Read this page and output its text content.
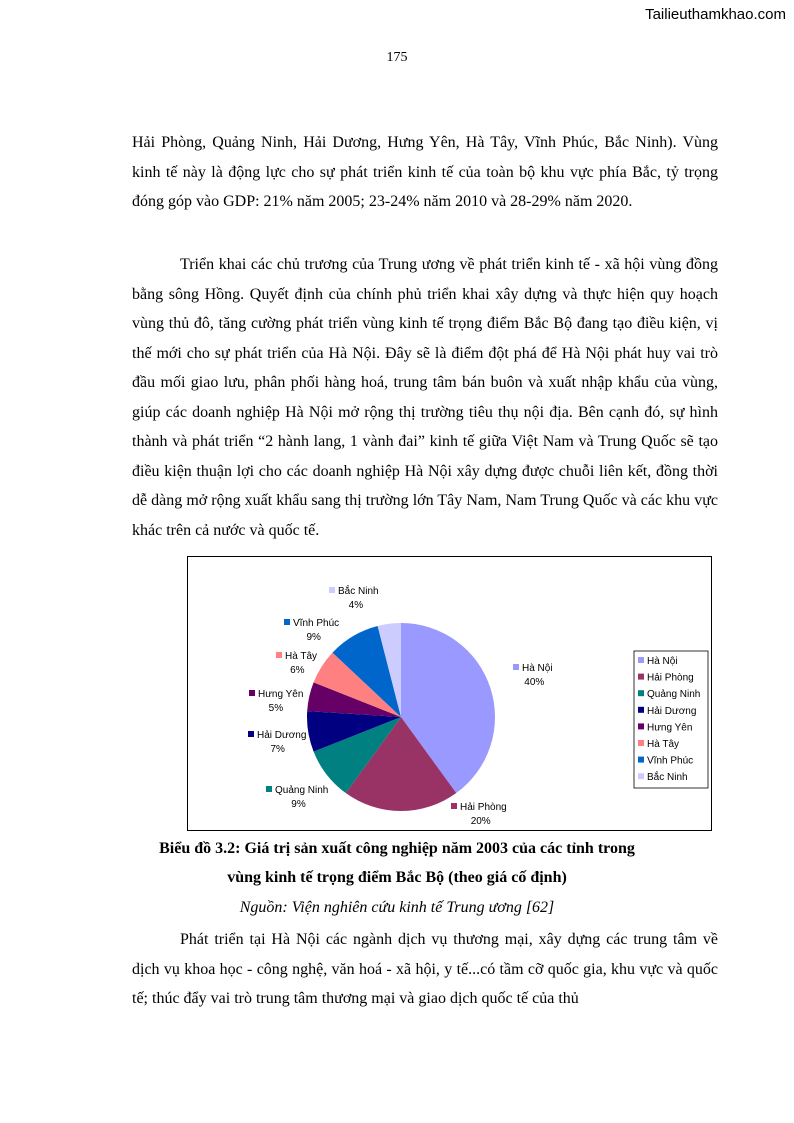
Tailieuthamkhao.com
175

Hải Phòng, Quảng Ninh, Hải Dương, Hưng Yên, Hà Tây, Vĩnh Phúc, Bắc Ninh). Vùng kinh tế này là động lực cho sự phát triển kinh tế của toàn bộ khu vực phía Bắc, tỷ trọng đóng góp vào GDP: 21% năm 2005; 23-24% năm 2010 và 28-29% năm 2020.

Triển khai các chủ trương của Trung ương về phát triển kinh tế - xã hội vùng đồng bằng sông Hồng. Quyết định của chính phủ triển khai xây dựng và thực hiện quy hoạch vùng thủ đô, tăng cường phát triển vùng kinh tế trọng điểm Bắc Bộ đang tạo điều kiện, vị thế mới cho sự phát triển của Hà Nội. Đây sẽ là điểm đột phá để Hà Nội phát huy vai trò đầu mối giao lưu, phân phối hàng hoá, trung tâm bán buôn và xuất nhập khẩu của vùng, giúp các doanh nghiệp Hà Nội mở rộng thị trường tiêu thụ nội địa. Bên cạnh đó, sự hình thành và phát triển “2 hành lang, 1 vành đai” kinh tế giữa Việt Nam và Trung Quốc sẽ tạo điều kiện thuận lợi cho các doanh nghiệp Hà Nội xây dựng được chuỗi liên kết, đồng thời dễ dàng mở rộng xuất khẩu sang thị trường lớn Tây Nam, Nam Trung Quốc và các khu vực khác trên cả nước và quốc tế.

Hà Nội
40%
Hải Phòng
20%
Quảng Ninh
9%
Hải Dương
7%
Hưng Yên
5%
Hà Tây
6%
Vĩnh Phúc
9%
Bắc Ninh
4%
Hà Nội
Hải Phòng
Quảng Ninh
Hải Dương
Hưng Yên
Hà Tây
Vĩnh Phúc
Bắc Ninh

Biểu đồ 3.2: Giá trị sản xuất công nghiệp năm 2003 của các tỉnh trong

vùng kinh tế trọng điểm Bắc Bộ (theo giá cố định)

Nguồn: Viện nghiên cứu kinh tế Trung ương [62]

Phát triển tại Hà Nội các ngành dịch vụ thương mại, xây dựng các trung tâm về dịch vụ khoa học - công nghệ, văn hoá - xã hội, y tế...có tầm cỡ quốc gia, khu vực và quốc tế; thúc đẩy vai trò trung tâm thương mại và giao dịch quốc tế của thủ
